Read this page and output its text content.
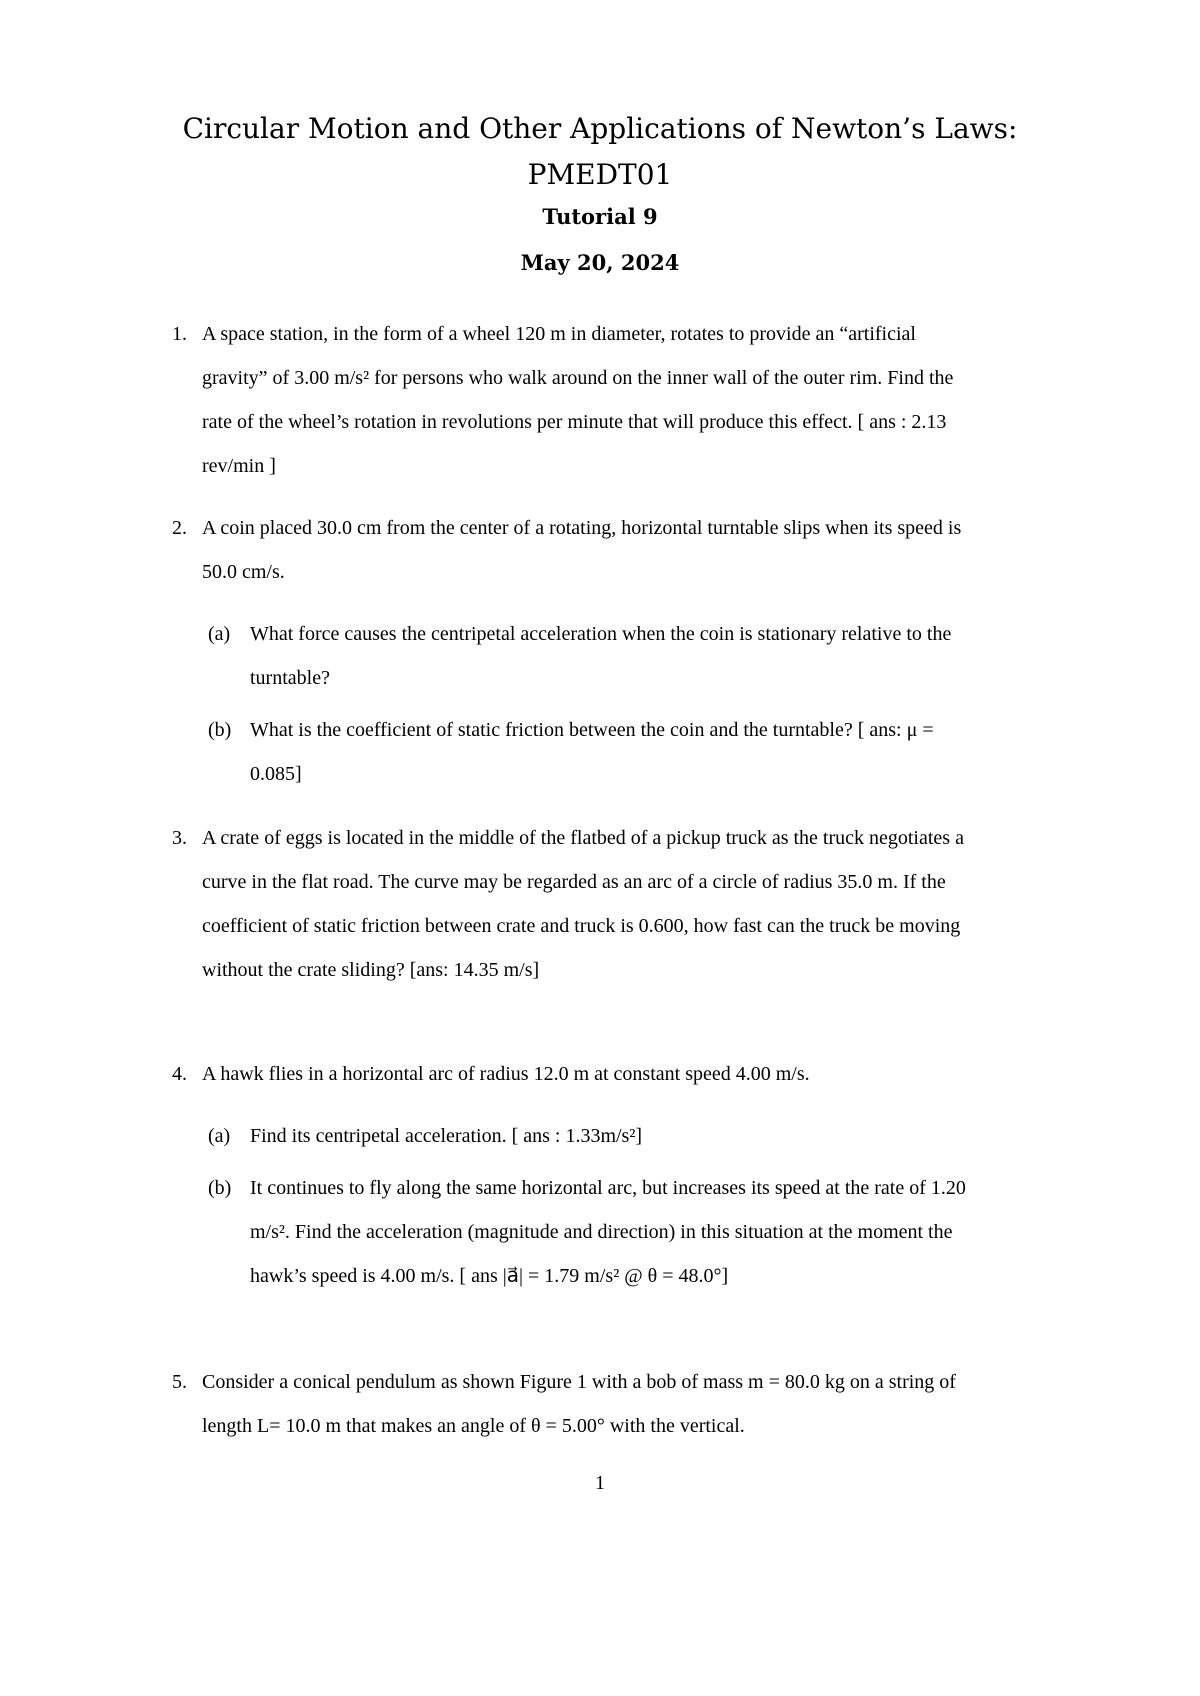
Circular Motion and Other Applications of Newton’s Laws: PMEDT01
Tutorial 9
May 20, 2024
1. A space station, in the form of a wheel 120 m in diameter, rotates to provide an “artificial gravity” of 3.00 m/s² for persons who walk around on the inner wall of the outer rim. Find the rate of the wheel’s rotation in revolutions per minute that will produce this effect. [ ans : 2.13 rev/min ]
2. A coin placed 30.0 cm from the center of a rotating, horizontal turntable slips when its speed is 50.0 cm/s.
(a) What force causes the centripetal acceleration when the coin is stationary relative to the turntable?
(b) What is the coefficient of static friction between the coin and the turntable? [ ans: μ = 0.085]
3. A crate of eggs is located in the middle of the flatbed of a pickup truck as the truck negotiates a curve in the flat road. The curve may be regarded as an arc of a circle of radius 35.0 m. If the coefficient of static friction between crate and truck is 0.600, how fast can the truck be moving without the crate sliding? [ans: 14.35 m/s]
4. A hawk flies in a horizontal arc of radius 12.0 m at constant speed 4.00 m/s.
(a) Find its centripetal acceleration. [ ans : 1.33m/s²]
(b) It continues to fly along the same horizontal arc, but increases its speed at the rate of 1.20 m/s². Find the acceleration (magnitude and direction) in this situation at the moment the hawk’s speed is 4.00 m/s. [ ans |a⃗| = 1.79 m/s² @ θ = 48.0°]
5. Consider a conical pendulum as shown Figure 1 with a bob of mass m = 80.0 kg on a string of length L= 10.0 m that makes an angle of θ = 5.00° with the vertical.
1
